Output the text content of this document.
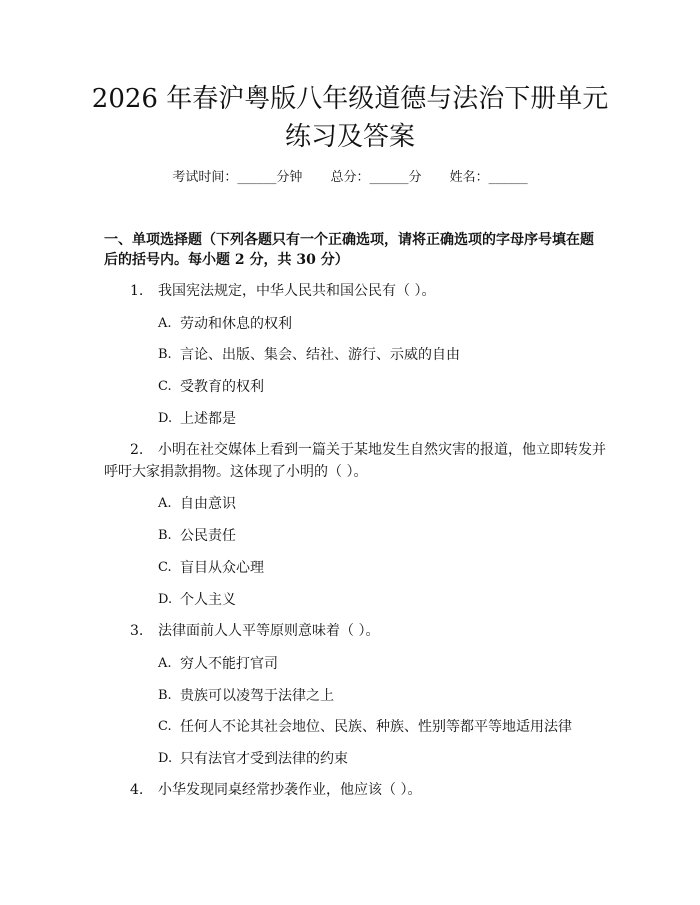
2026 年春沪粤版八年级道德与法治下册单元
练习及答案
考试时间：______分钟 总分：______分 姓名：______

一、单项选择题（下列各题只有一个正确选项，请将正确选项的字母序号填在题

后的括号内。每小题 2 分，共 30 分）

1. 我国宪法规定，中华人民共和国公民有（ ）。
A. 劳动和休息的权利
B. 言论、出版、集会、结社、游行、示威的自由
C. 受教育的权利
D. 上述都是
2. 小明在社交媒体上看到一篇关于某地发生自然灾害的报道，他立即转发并
呼吁大家捐款捐物。这体现了小明的（ ）。
A. 自由意识
B. 公民责任
C. 盲目从众心理
D. 个人主义
3. 法律面前人人平等原则意味着（ ）。
A. 穷人不能打官司
B. 贵族可以凌驾于法律之上
C. 任何人不论其社会地位、民族、种族、性别等都平等地适用法律
D. 只有法官才受到法律的约束
4. 小华发现同桌经常抄袭作业，他应该（ ）。
